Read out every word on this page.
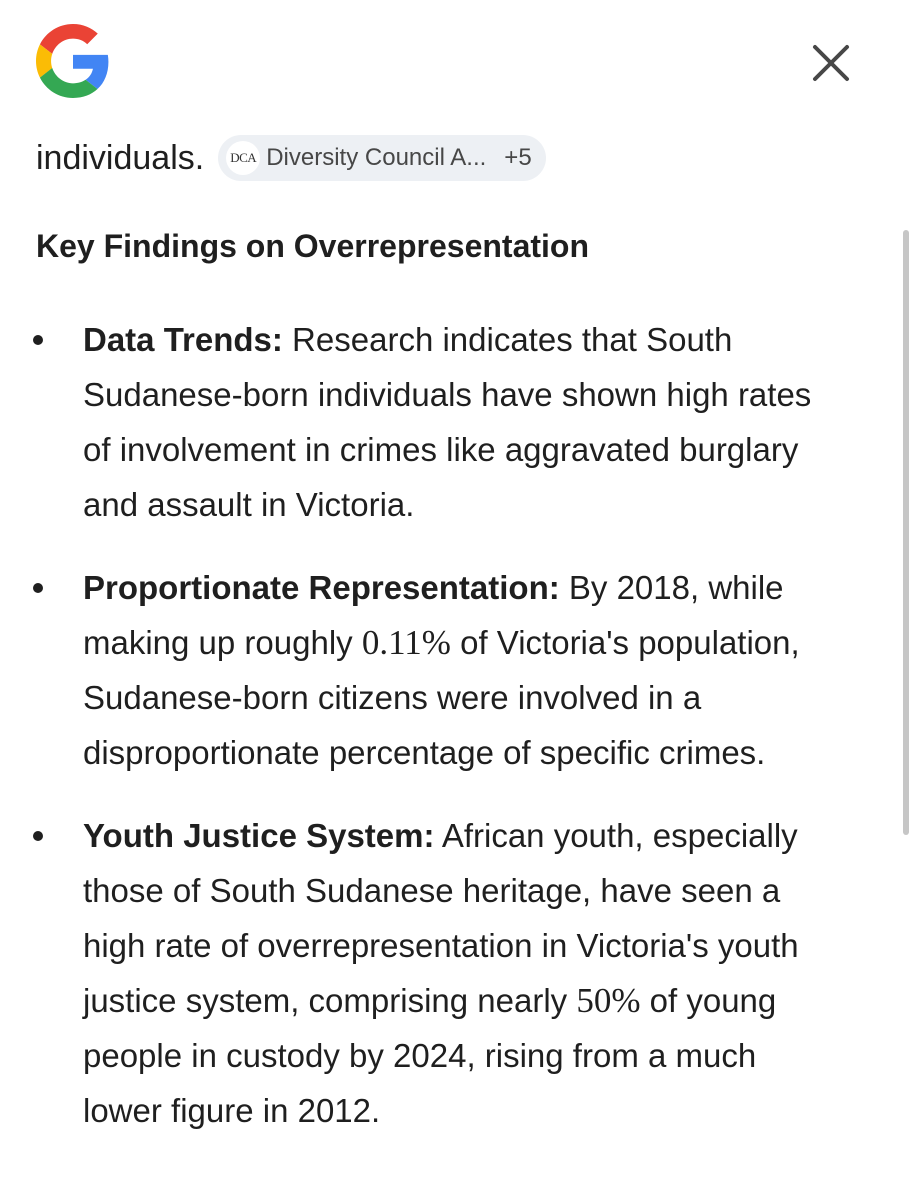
individuals.	DCA Diversity Council A... +5
Key Findings on Overrepresentation
Data Trends: Research indicates that South Sudanese-born individuals have shown high rates of involvement in crimes like aggravated burglary and assault in Victoria.
Proportionate Representation: By 2018, while making up roughly 0.11% of Victoria's population, Sudanese-born citizens were involved in a disproportionate percentage of specific crimes.
Youth Justice System: African youth, especially those of South Sudanese heritage, have seen a high rate of overrepresentation in Victoria's youth justice system, comprising nearly 50% of young people in custody by 2024, rising from a much lower figure in 2012.
